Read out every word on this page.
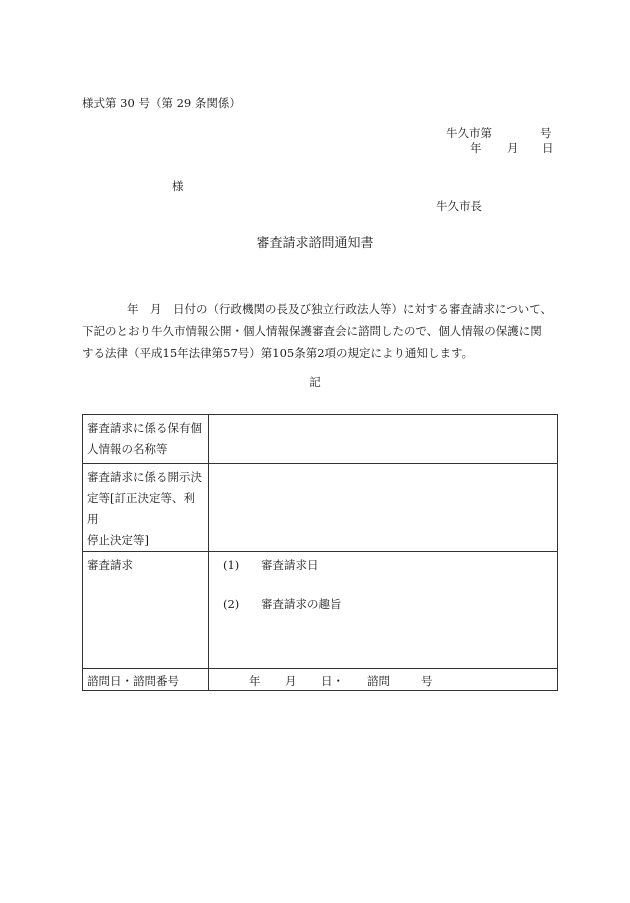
様式第 30 号（第 29 条関係）
牛久市第	号
年 月 日
様
牛久市長
審査請求諮問通知書

年　月　日付の（行政機関の長及び独立行政法人等）に対する審査請求について、

下記のとおり牛久市情報公開・個人情報保護審査会に諮問したので、個人情報の保護に関

する法律（平成15年法律第57号）第105条第2項の規定により通知します。

記
審査請求に係る保有個
人情報の名称等	

審査請求に係る開示決
定等[訂正決定等、利用
停止決定等]	

審査請求	(1) 審査請求日
(2) 審査請求の趣旨

諮問日・諮問番号	年 月 日・ 諮問 号
